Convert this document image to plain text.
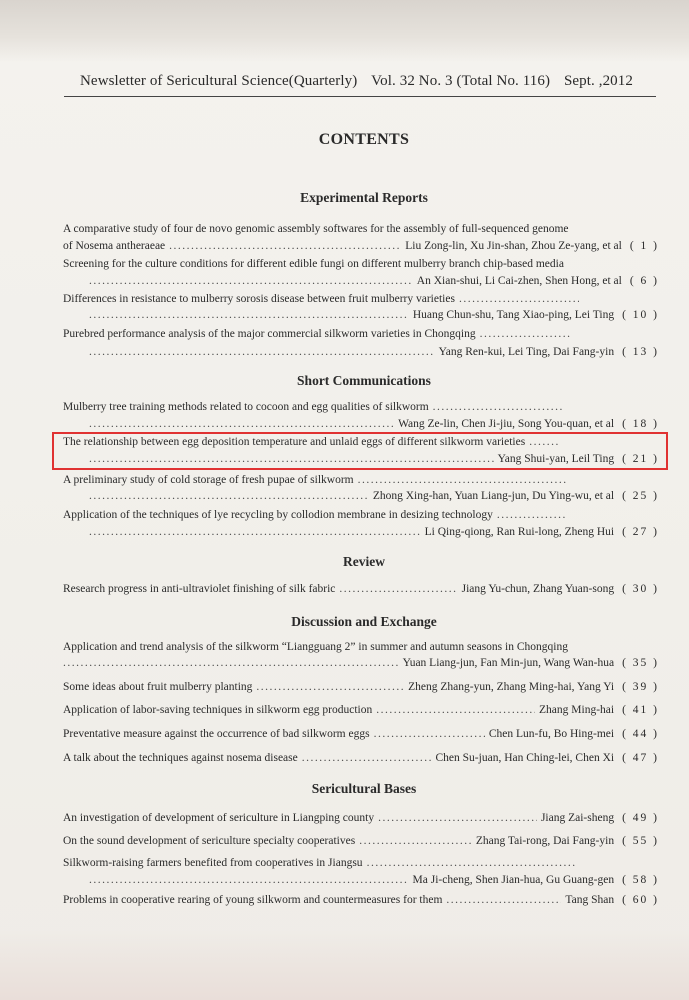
Newsletter of Sericultural Science(Quarterly) Vol. 32 No. 3 (Total No. 116) Sept. ,2012
CONTENTS
Experimental Reports
A comparative study of four de novo genomic assembly softwares for the assembly of full-sequenced genome
of Nosema antheraeae .....	Liu Zong-lin, Xu Jin-shan, Zhou Ze-yang, et al ( 1 )
Screening for the culture conditions for different edible fungi on different mulberry branch chip-based media
.....
An Xian-shui, Li Cai-zhen, Shen Hong, et al ( 6 )
Differences in resistance to mulberry sorosis disease between fruit mulberry varieties
.....
.....
Huang Chun-shu, Tang Xiao-ping, Lei Ting ( 10 )
Purebred performance analysis of the major commercial silkworm varieties in Chongqing
.....
.....
Yang Ren-kui, Lei Ting, Dai Fang-yin ( 13 )
Short Communications
Mulberry tree training methods related to cocoon and egg qualities of silkworm
.....
.....
Wang Ze-lin, Chen Ji-jiu, Song You-quan, et al ( 18 )
The relationship between egg deposition temperature and unlaid eggs of different silkworm varieties
.....
.....
Yang Shui-yan, Leil Ting ( 21 )
A preliminary study of cold storage of fresh pupae of silkworm
.....
.....
Zhong Xing-han, Yuan Liang-jun, Du Ying-wu, et al ( 25 )
Application of the techniques of lye recycling by collodion membrane in desizing technology
.....
.....
Li Qing-qiong, Ran Rui-long, Zheng Hui ( 27 )
Review
Research progress in anti-ultraviolet finishing of silk fabric .....	Jiang Yu-chun, Zhang Yuan-song ( 30 )
Discussion and Exchange
Application and trend analysis of the silkworm “Liangguang 2” in summer and autumn seasons in Chongqing
.....
Yuan Liang-jun, Fan Min-jun, Wang Wan-hua ( 35 )
Some ideas about fruit mulberry planting .....	Zheng Zhang-yun, Zhang Ming-hai, Yang Yi ( 39 )
Application of labor-saving techniques in silkworm egg production .....	Zhang Ming-hai ( 41 )
Preventative measure against the occurrence of bad silkworm eggs .....	Chen Lun-fu, Bo Hing-mei ( 44 )
A talk about the techniques against nosema disease .....	Chen Su-juan, Han Ching-lei, Chen Xi ( 47 )
Sericultural Bases
An investigation of development of sericulture in Liangping county .....	Jiang Zai-sheng ( 49 )
On the sound development of sericulture specialty cooperatives .....	Zhang Tai-rong, Dai Fang-yin ( 55 )
Silkworm-raising farmers benefited from cooperatives in Jiangsu
.....
.....
Ma Ji-cheng, Shen Jian-hua, Gu Guang-gen ( 58 )
Problems in cooperative rearing of young silkworm and countermeasures for them .....	Tang Shan ( 60 )
